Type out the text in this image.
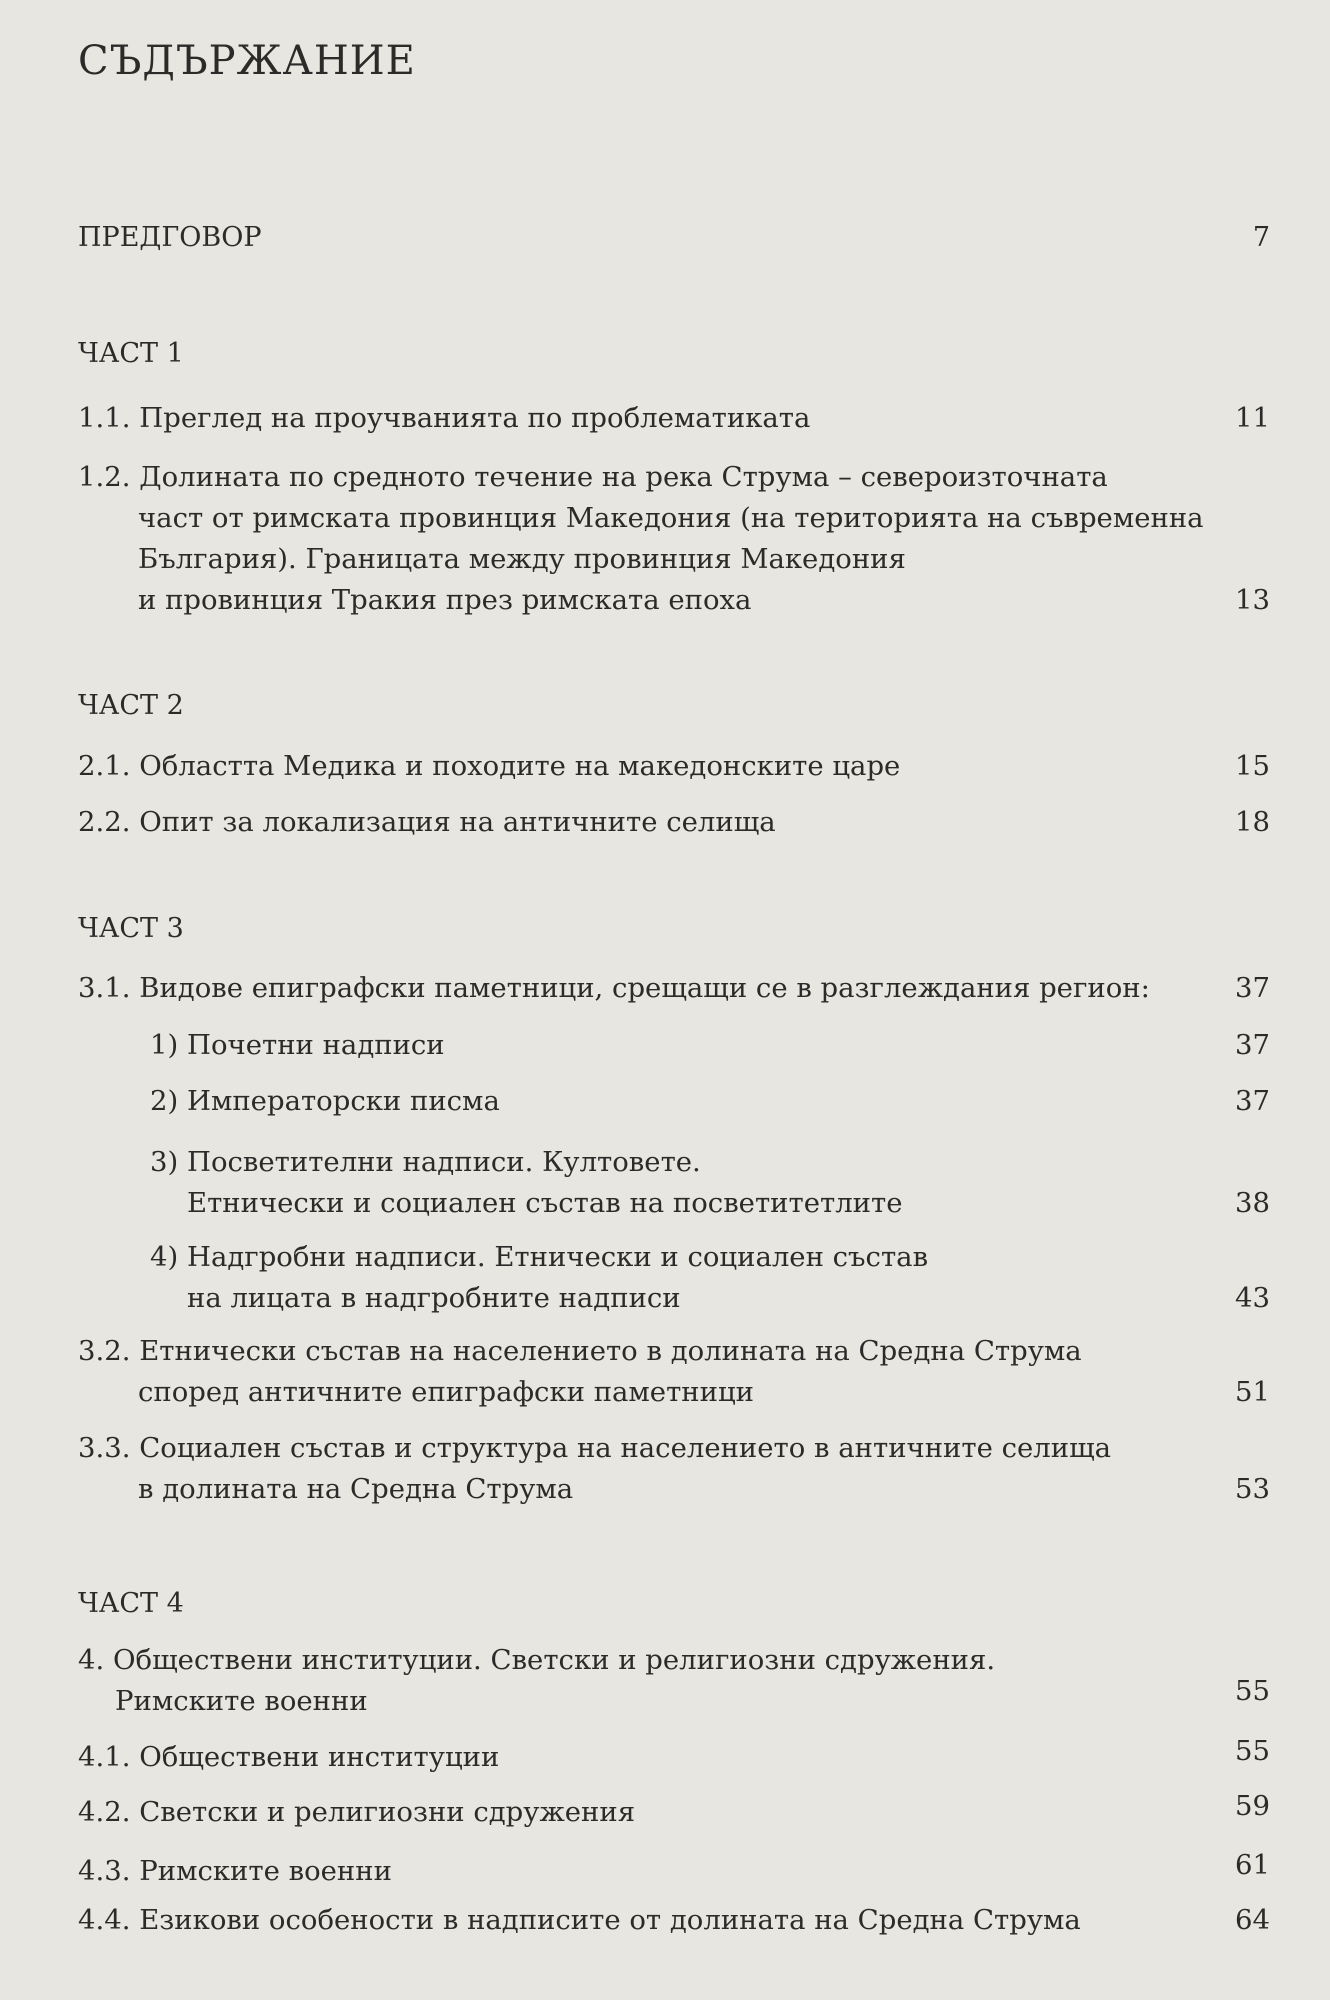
СЪДЪРЖАНИЕ
ПРЕДГОВОР	7
ЧАСТ 1
1.1. Преглед на проучванията по проблематиката	11
1.2. Долината по средното течение на река Струма – североизточната
част от римската провинция Македония (на територията на съвременна
България). Границата между провинция Македония
и провинция Тракия през римската епоха	13
ЧАСТ 2
2.1. Областта Медика и походите на македонските царе	15
2.2. Опит за локализация на античните селища	18
ЧАСТ 3
3.1. Видове епиграфски паметници, срещащи се в разглеждания регион:	37
1) Почетни надписи	37
2) Императорски писма	37
3) Посветителни надписи. Култовете.
Етнически и социален състав на посветитетлите	38
4) Надгробни надписи. Етнически и социален състав
на лицата в надгробните надписи	43
3.2. Етнически състав на населението в долината на Средна Струма
според античните епиграфски паметници	51
3.3. Социален състав и структура на населението в античните селища
в долината на Средна Струма	53
ЧАСТ 4
4. Обществени институции. Светски и религиозни сдружения.
Римските военни	55
4.1. Обществени институции	55
4.2. Светски и религиозни сдружения	59
4.3. Римските военни	61
4.4. Езикови особености в надписите от долината на Средна Струма	64
